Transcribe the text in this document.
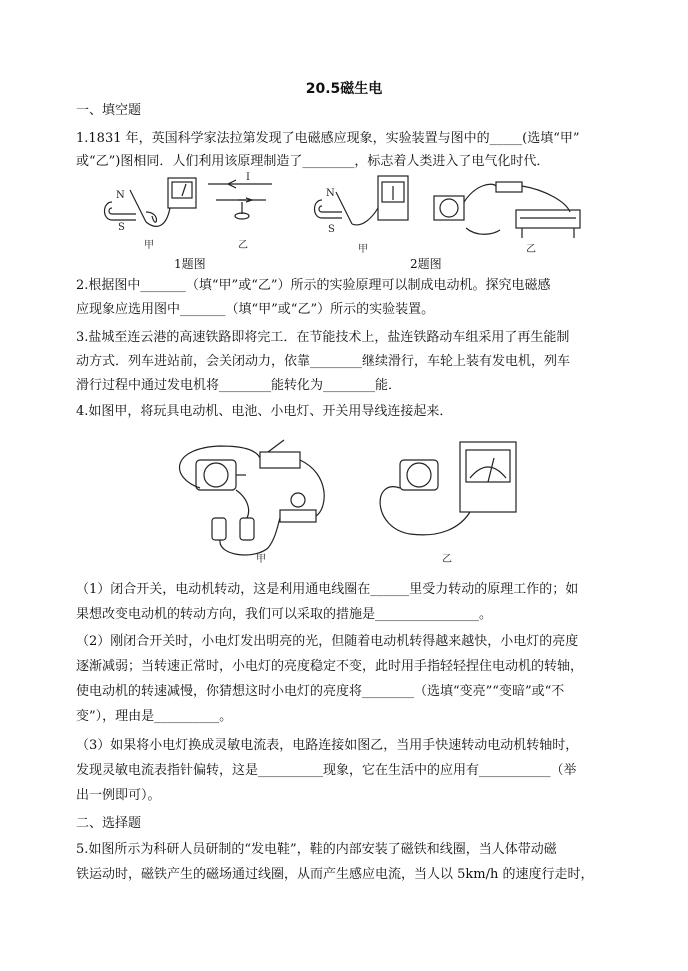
20.5磁生电
一、填空题
1.1831 年，英国科学家法拉第发现了电磁感应现象，实验装置与图中的_____(选填“甲”
或“乙”)图相同．人们利用该原理制造了________，标志着人类进入了电气化时代．
N
S
I
甲	乙
N
S
甲	乙
1题图	2题图
2.根据图中_______（填“甲”或“乙”）所示的实验原理可以制成电动机。探究电磁感
应现象应选用图中_______（填“甲”或“乙”）所示的实验装置。
3.盐城至连云港的高速铁路即将完工．在节能技术上，盐连铁路动车组采用了再生能制
动方式．列车进站前，会关闭动力，依靠________继续滑行，车轮上装有发电机，列车
滑行过程中通过发电机将________能转化为________能．
4.如图甲，将玩具电动机、电池、小电灯、开关用导线连接起来．
甲	乙
（1）闭合开关，电动机转动，这是利用通电线圈在______里受力转动的原理工作的；如
果想改变电动机的转动方向，我们可以采取的措施是________________。
（2）刚闭合开关时，小电灯发出明亮的光，但随着电动机转得越来越快，小电灯的亮度
逐渐减弱；当转速正常时，小电灯的亮度稳定不变，此时用手指轻轻捏住电动机的转轴，
使电动机的转速减慢，你猜想这时小电灯的亮度将________（选填“变亮”“变暗”或“不
变”），理由是__________。
（3）如果将小电灯换成灵敏电流表，电路连接如图乙，当用手快速转动电动机转轴时，
发现灵敏电流表指针偏转，这是__________现象，它在生活中的应用有___________（举
出一例即可）。
二、选择题
5.如图所示为科研人员研制的“发电鞋”，鞋的内部安装了磁铁和线圈，当人体带动磁
铁运动时，磁铁产生的磁场通过线圈，从而产生感应电流，当人以 5km/h 的速度行走时，
